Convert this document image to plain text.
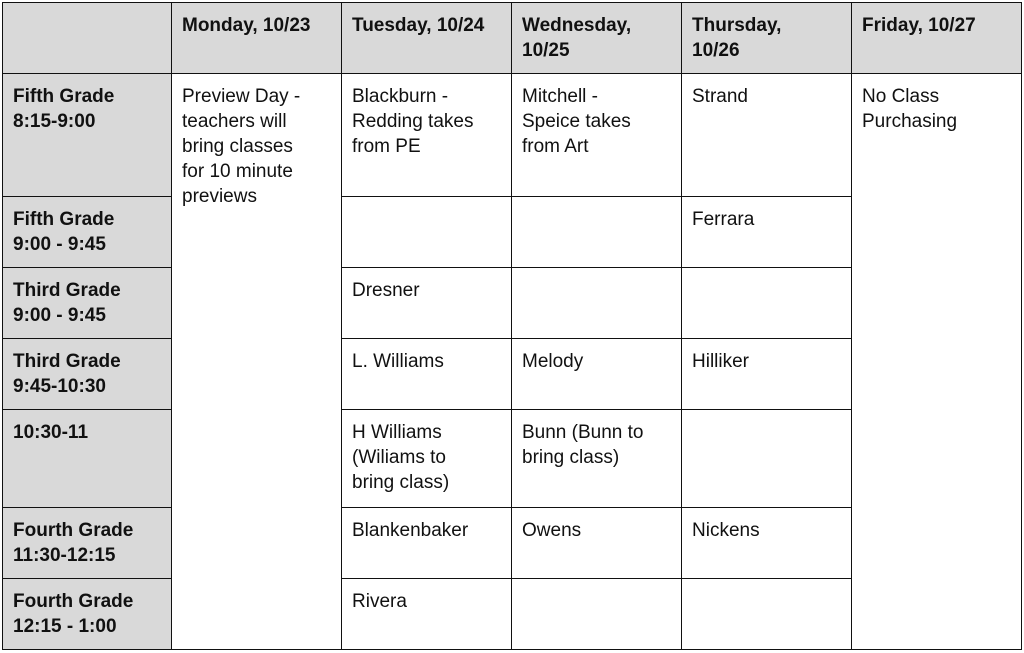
	Monday, 10/23	Tuesday, 10/24	Wednesday,
10/25	Thursday,
10/26	Friday, 10/27
Fifth Grade
8:15-9:00	Preview Day -
teachers will
bring classes
for 10 minute
previews	Blackburn -
Redding takes
from PE	Mitchell -
Speice takes
from Art	Strand	No Class
Purchasing
Fifth Grade
9:00 - 9:45				Ferrara	
Third Grade
9:00 - 9:45		Dresner			
Third Grade
9:45-10:30		L. Williams	Melody	Hilliker	
10:30-11		H Williams
(Wiliams to
bring class)	Bunn (Bunn to
bring class)		
Fourth Grade
11:30-12:15		Blankenbaker	Owens	Nickens	
Fourth Grade
12:15 - 1:00		Rivera			
